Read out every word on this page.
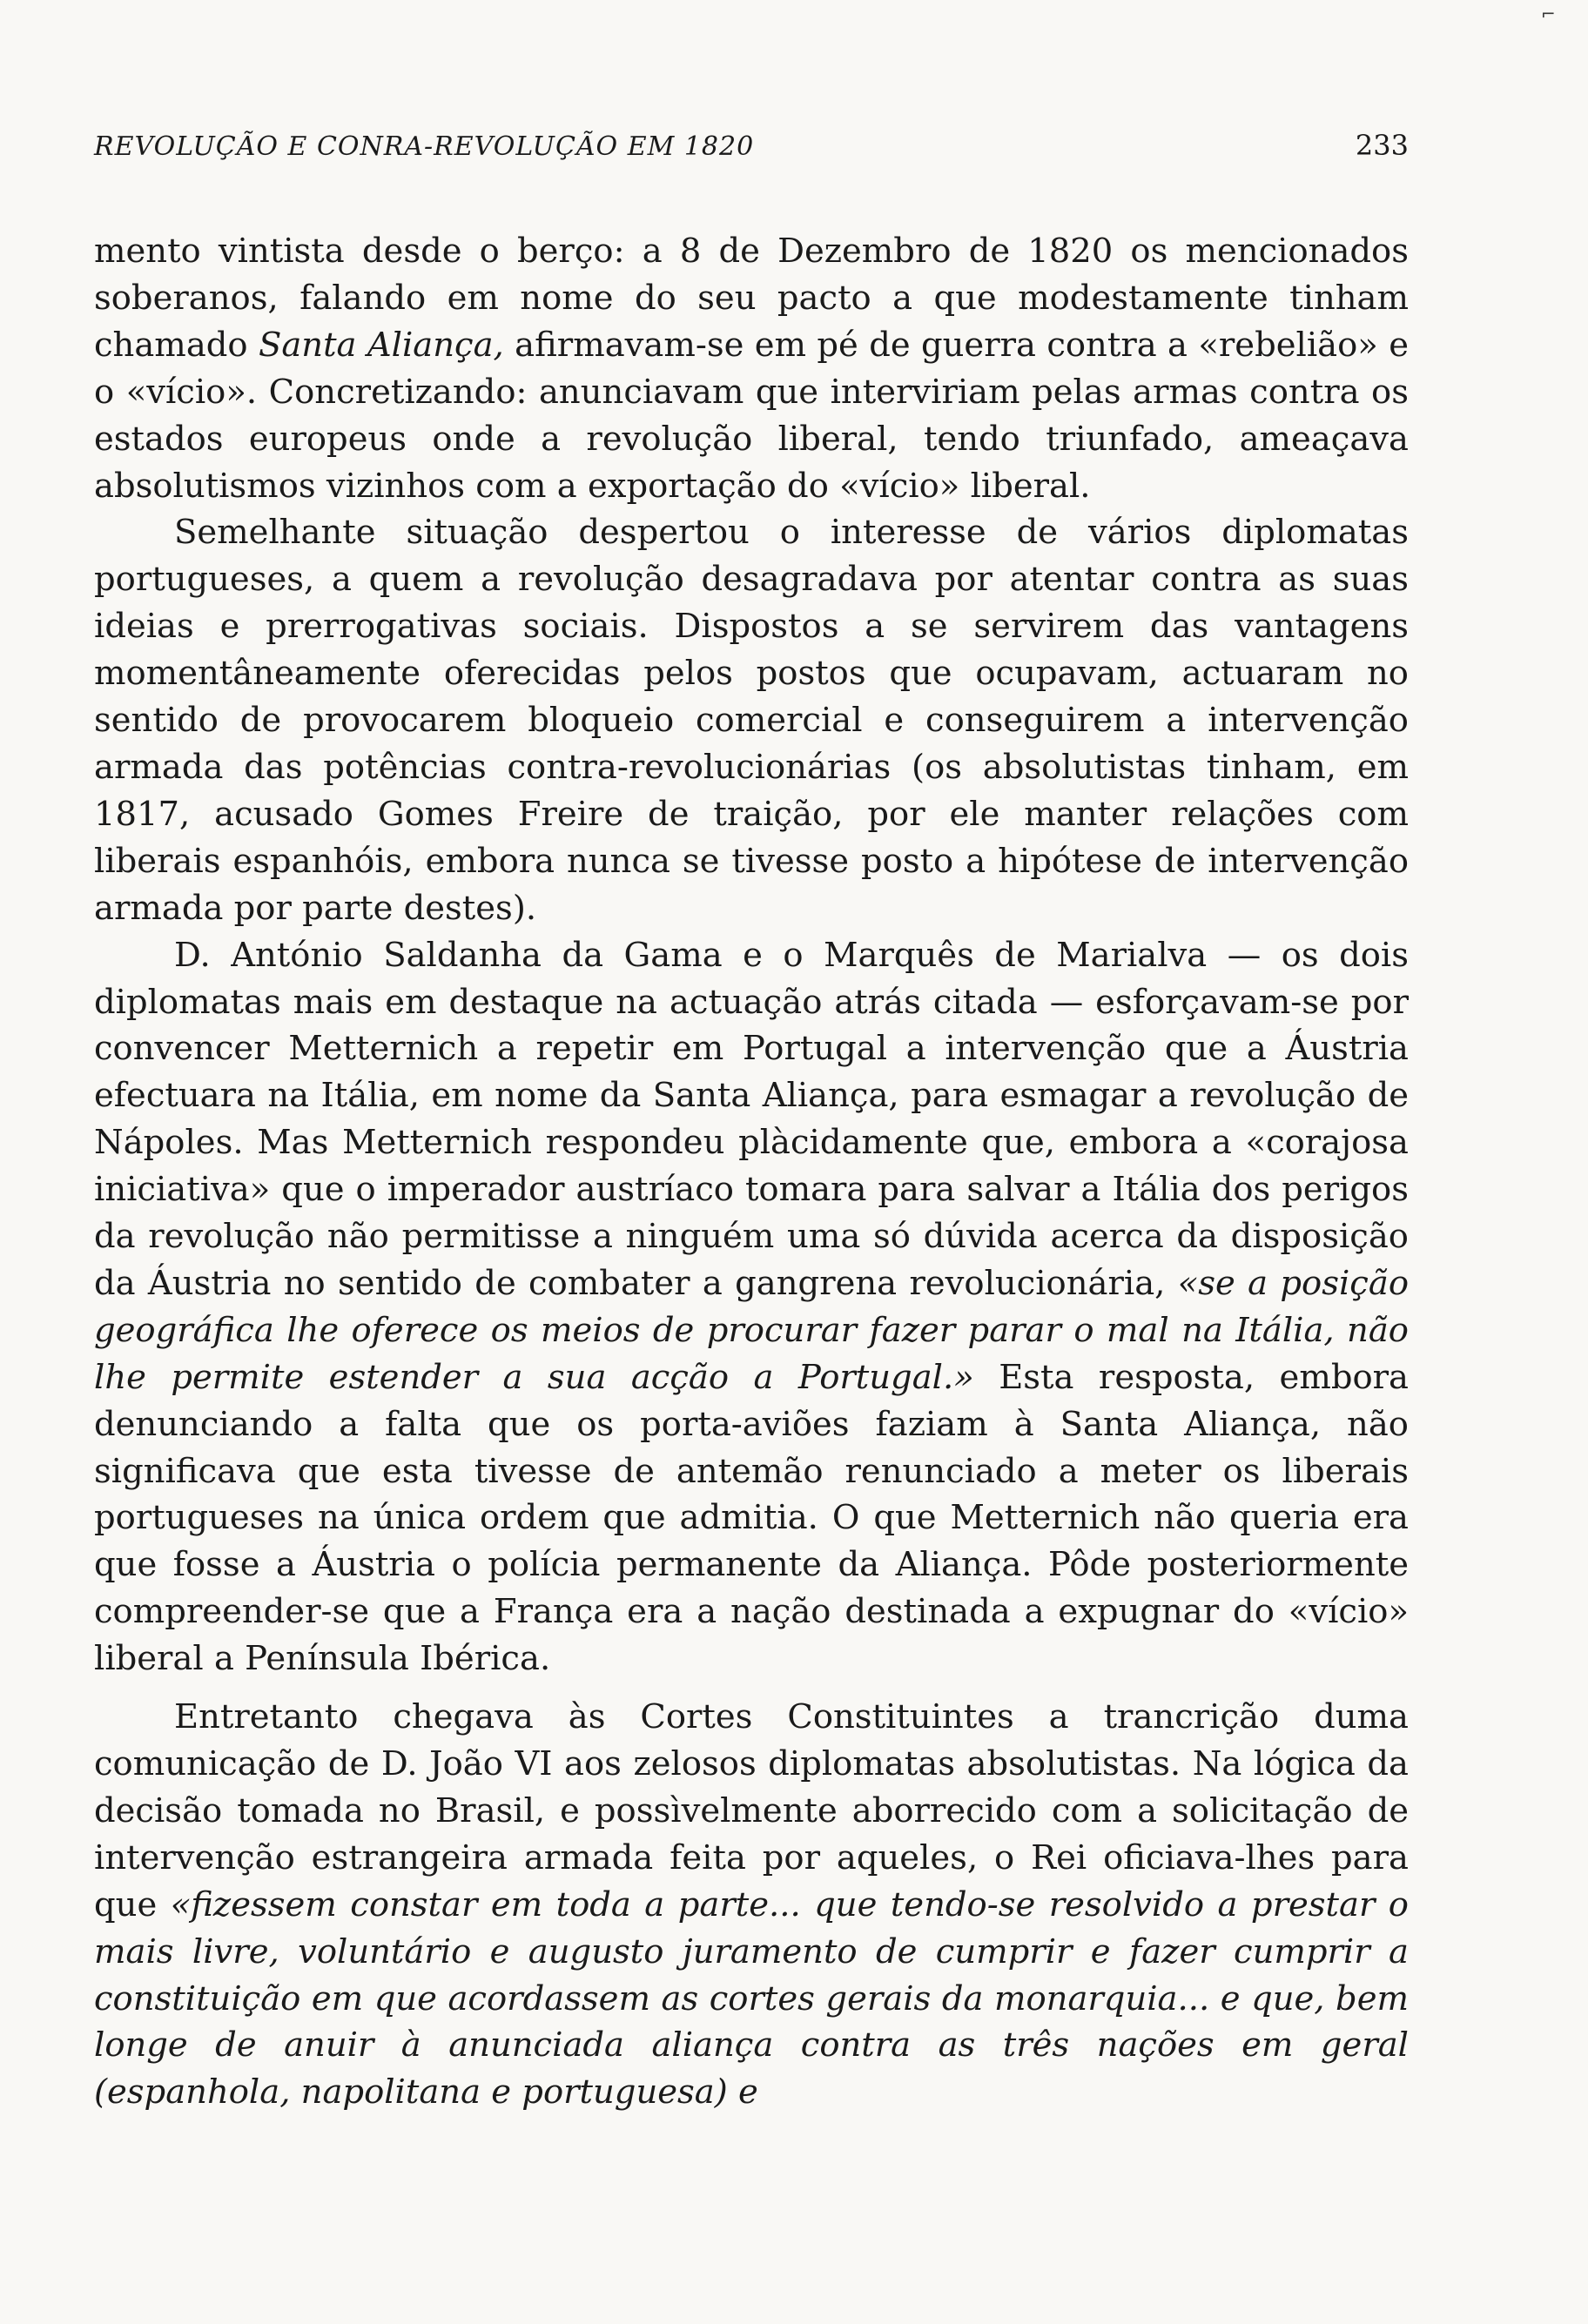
⌐
REVOLUÇÃO E CONRA-REVOLUÇÃO EM 1820	233

mento vintista desde o berço: a 8 de Dezembro de 1820 os mencionados soberanos, falando em nome do seu pacto a que modestamente tinham chamado Santa Aliança, afirmavam-se em pé de guerra contra a «rebelião» e o «vício». Concretizando: anunciavam que interviriam pelas armas contra os estados europeus onde a revolução liberal, tendo triunfado, ameaçava absolutismos vizinhos com a exportação do «vício» liberal.

Semelhante situação despertou o interesse de vários diplomatas portugueses, a quem a revolução desagradava por atentar contra as suas ideias e prerrogativas sociais. Dispostos a se servirem das vantagens momentâneamente oferecidas pelos postos que ocupavam, actuaram no sentido de provocarem bloqueio comercial e conseguirem a intervenção armada das potências contra-revolucionárias (os absolutistas tinham, em 1817, acusado Gomes Freire de traição, por ele manter relações com liberais espanhóis, embora nunca se tivesse posto a hipótese de intervenção armada por parte destes).

D. António Saldanha da Gama e o Marquês de Marialva — os dois diplomatas mais em destaque na actuação atrás citada — esforçavam-se por convencer Metternich a repetir em Portugal a intervenção que a Áustria efectuara na Itália, em nome da Santa Aliança, para esmagar a revolução de Nápoles. Mas Metternich respondeu plàcidamente que, embora a «corajosa iniciativa» que o imperador austríaco tomara para salvar a Itália dos perigos da revolução não permitisse a ninguém uma só dúvida acerca da disposição da Áustria no sentido de combater a gangrena revolucionária, «se a posição geográfica lhe oferece os meios de procurar fazer parar o mal na Itália, não lhe permite estender a sua acção a Portugal.» Esta resposta, embora denunciando a falta que os porta-aviões faziam à Santa Aliança, não significava que esta tivesse de antemão renunciado a meter os liberais portugueses na única ordem que admitia. O que Metternich não queria era que fosse a Áustria o polícia permanente da Aliança. Pôde posteriormente compreender-se que a França era a nação destinada a expugnar do «vício» liberal a Península Ibérica.

Entretanto chegava às Cortes Constituintes a trancrição duma comunicação de D. João VI aos zelosos diplomatas absolutistas. Na lógica da decisão tomada no Brasil, e possìvelmente aborrecido com a solicitação de intervenção estrangeira armada feita por aqueles, o Rei oficiava-lhes para que «fizessem constar em toda a parte... que tendo-se resolvido a prestar o mais livre, voluntário e augusto juramento de cumprir e fazer cumprir a constituição em que acordassem as cortes gerais da monarquia... e que, bem longe de anuir à anunciada aliança contra as três nações em geral (espanhola, napolitana e portuguesa) e
